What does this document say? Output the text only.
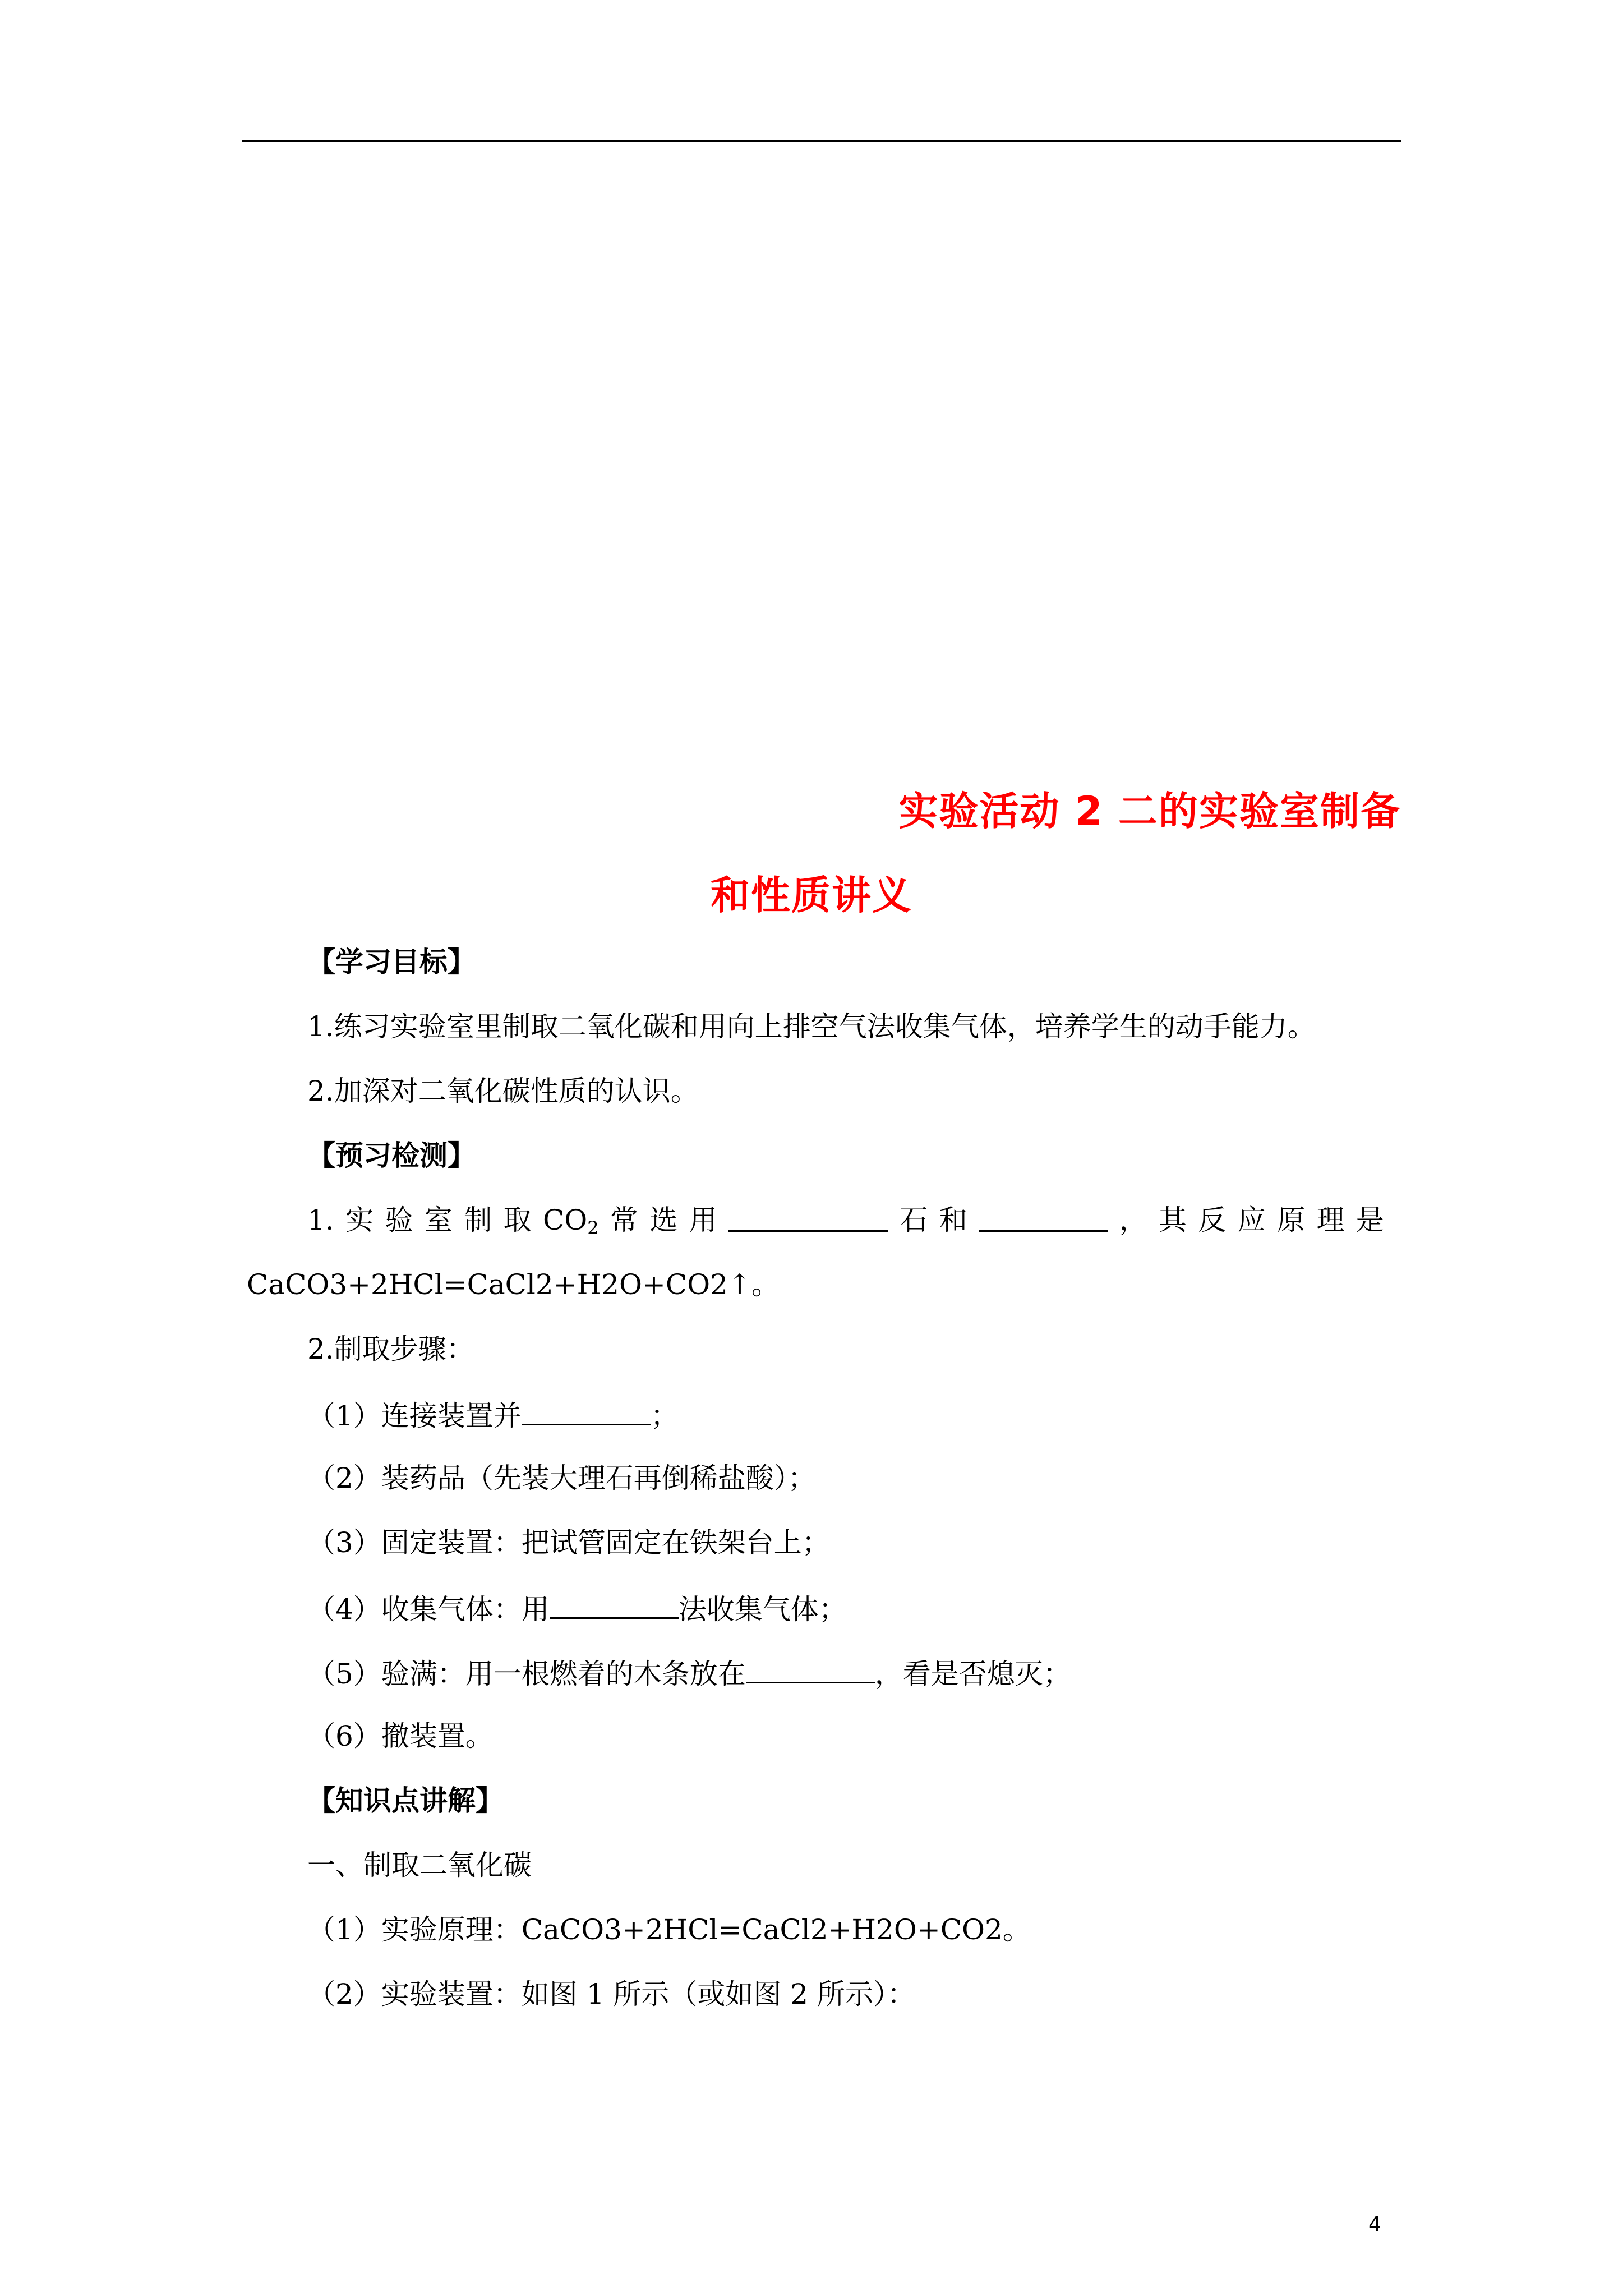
实验活动 2 二的实验室制备
和性质讲义
【学习目标】
1.练习实验室里制取二氧化碳和用向上排空气法收集气体，培养学生的动手能力。
2.加深对二氧化碳性质的认识。
【预习检测】
1. 实 验 室 制 取 $CO_2$ 常 选 用	石 和	， 其 反 应 原 理 是
CaCO3+2HCl=CaCl2+H2O+CO2↑。
2.制取步骤：
（1）连接装置并	；
（2）装药品（先装大理石再倒稀盐酸）；
（3）固定装置：把试管固定在铁架台上；
（4）收集气体：用	法收集气体；
（5）验满：用一根燃着的木条放在	，看是否熄灭；
（6）撤装置。
【知识点讲解】
一、制取二氧化碳
（1）实验原理：CaCO3+2HCl=CaCl2+H2O+CO2。
（2）实验装置：如图 1 所示（或如图 2 所示）：
4
